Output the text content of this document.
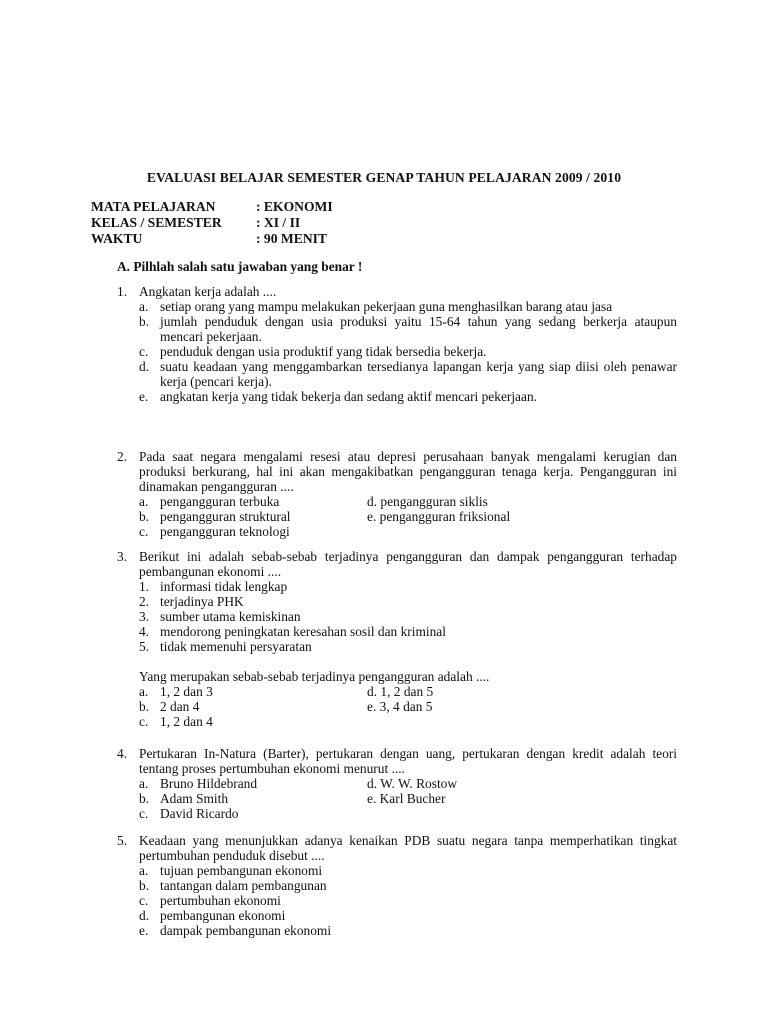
EVALUASI BELAJAR SEMESTER GENAP TAHUN PELAJARAN 2009 / 2010
MATA PELAJARAN	: EKONOMI
KELAS / SEMESTER	: XI / II
WAKTU	: 90 MENIT
A. Pilhlah salah satu jawaban yang benar !
1. Angkatan kerja adalah ....
a. setiap orang yang mampu melakukan pekerjaan guna menghasilkan barang atau jasa
b. jumlah penduduk dengan usia produksi yaitu 15-64 tahun yang sedang berkerja ataupun mencari pekerjaan.
c. penduduk dengan usia produktif yang tidak bersedia bekerja.
d. suatu keadaan yang menggambarkan tersedianya lapangan kerja yang siap diisi oleh penawar kerja (pencari kerja).
e. angkatan kerja yang tidak bekerja dan sedang aktif mencari pekerjaan.
2. Pada saat negara mengalami resesi atau depresi perusahaan banyak mengalami kerugian dan produksi berkurang, hal ini akan mengakibatkan pengangguran tenaga kerja. Pengangguran ini dinamakan pengangguran ....
a. pengangguran terbuka	d. pengangguran siklis
b. pengangguran struktural	e. pengangguran friksional
c. pengangguran teknologi
3. Berikut ini adalah sebab-sebab terjadinya pengangguran dan dampak pengangguran terhadap pembangunan ekonomi ....
1. informasi tidak lengkap
2. terjadinya PHK
3. sumber utama kemiskinan
4. mendorong peningkatan keresahan sosil dan kriminal
5. tidak memenuhi persyaratan
Yang merupakan sebab-sebab terjadinya pengangguran adalah ....
a. 1, 2 dan 3	d. 1, 2 dan 5
b. 2 dan 4	e. 3, 4 dan 5
c. 1, 2 dan 4
4. Pertukaran In-Natura (Barter), pertukaran dengan uang, pertukaran dengan kredit adalah teori tentang proses pertumbuhan ekonomi menurut ....
a. Bruno Hildebrand	d. W. W. Rostow
b. Adam Smith	e. Karl Bucher
c. David Ricardo
5. Keadaan yang menunjukkan adanya kenaikan PDB suatu negara tanpa memperhatikan tingkat pertumbuhan penduduk disebut ....
a. tujuan pembangunan ekonomi
b. tantangan dalam pembangunan
c. pertumbuhan ekonomi
d. pembangunan ekonomi
e. dampak pembangunan ekonomi
